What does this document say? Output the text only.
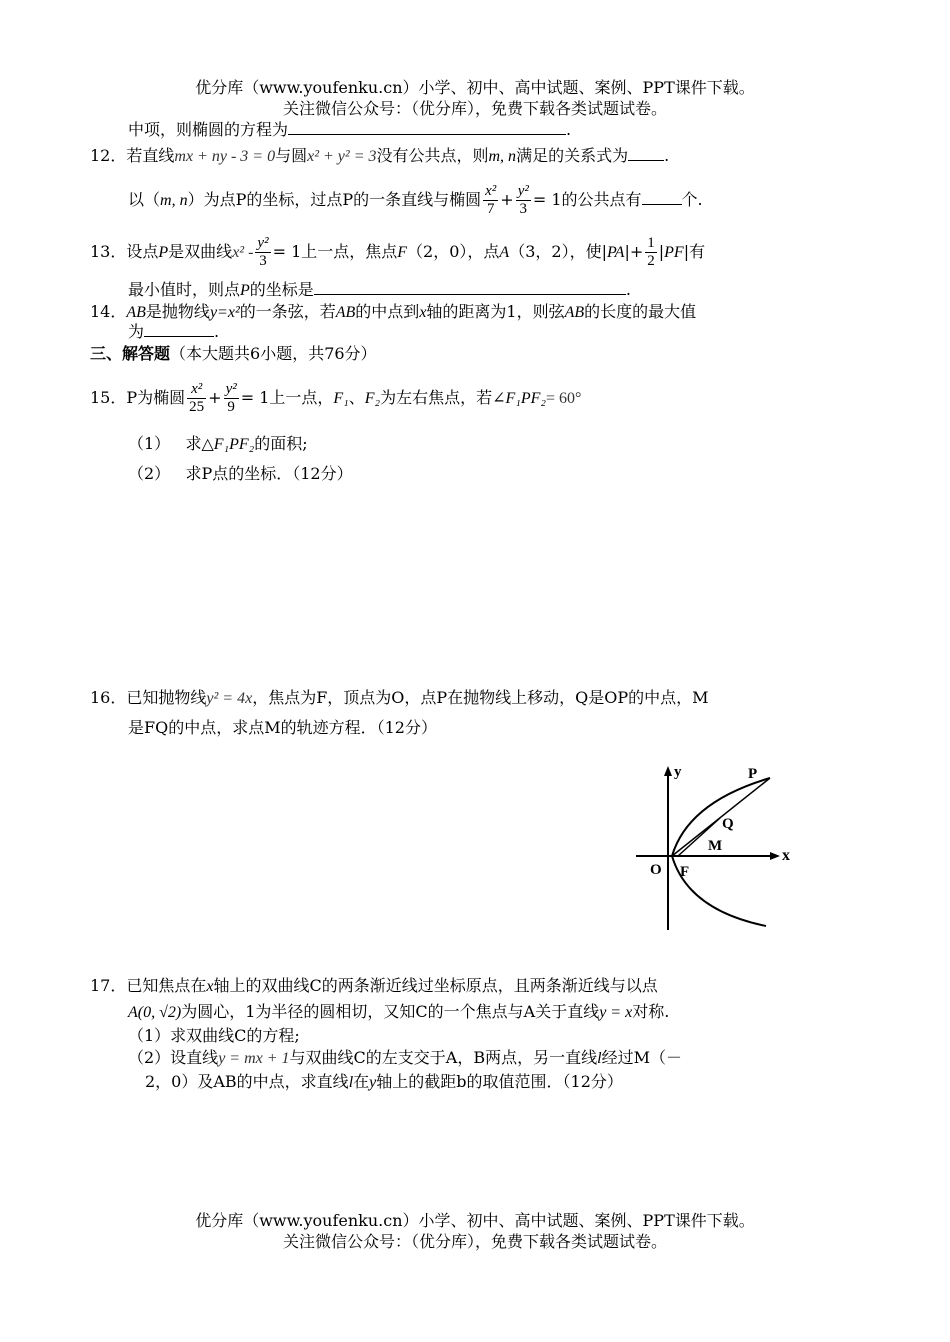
优分库（www.youfenku.cn）小学、初中、高中试题、案例、PPT课件下载。
关注微信公众号：（优分库），免费下载各类试题试卷。
中项，则椭圆的方程为	.
12．若直线mx + ny - 3 = 0与圆x² + y² = 3没有公共点，则m, n满足的关系式为 .
以（m, n）为点P的坐标，过点P的一条直线与椭圆 $\frac{\text{x²}}{7} + \frac{\text{y²}}{3} = 1$的公共点有	个.
13．设点P是双曲线$x^2 - \frac{\text{y²}}{3} = 1$上一点，焦点F（2，0），点A（3，2），使$|PA|+ \frac{1}{2} |PF|$有
最小值时，则点P的坐标是	.
14．AB是抛物线y=x²的一条弦，若AB的中点到x轴的距离为1，则弦AB的长度的最大值
为	.
三、解答题（本大题共6小题，共76分）
15．P为椭圆 $\frac{\text{x²}}{25} + \frac{\text{y²}}{9} = 1$上一点，F₁、F₂为左右焦点，若∠F₁PF₂= 60°
（1） 求△F₁PF₂的面积;
（2） 求P点的坐标．（12分）
16．已知抛物线y² = 4x，焦点为F，顶点为O，点P在抛物线上移动，Q是OP的中点，M
是FQ的中点，求点M的轨迹方程．（12分）
y
x
P
Q
M
O F
17．已知焦点在x轴上的双曲线C的两条渐近线过坐标原点，且两条渐近线与以点
A(0, √2)为圆心，1为半径的圆相切，又知C的一个焦点与A关于直线y = x对称.
（1）求双曲线C的方程;
（2）设直线y = mx + 1与双曲线C的左支交于A，B两点，另一直线l经过M（－
2，0）及AB的中点，求直线l在y轴上的截距b的取值范围．（12分）
优分库（www.youfenku.cn）小学、初中、高中试题、案例、PPT课件下载。
关注微信公众号：（优分库），免费下载各类试题试卷。
